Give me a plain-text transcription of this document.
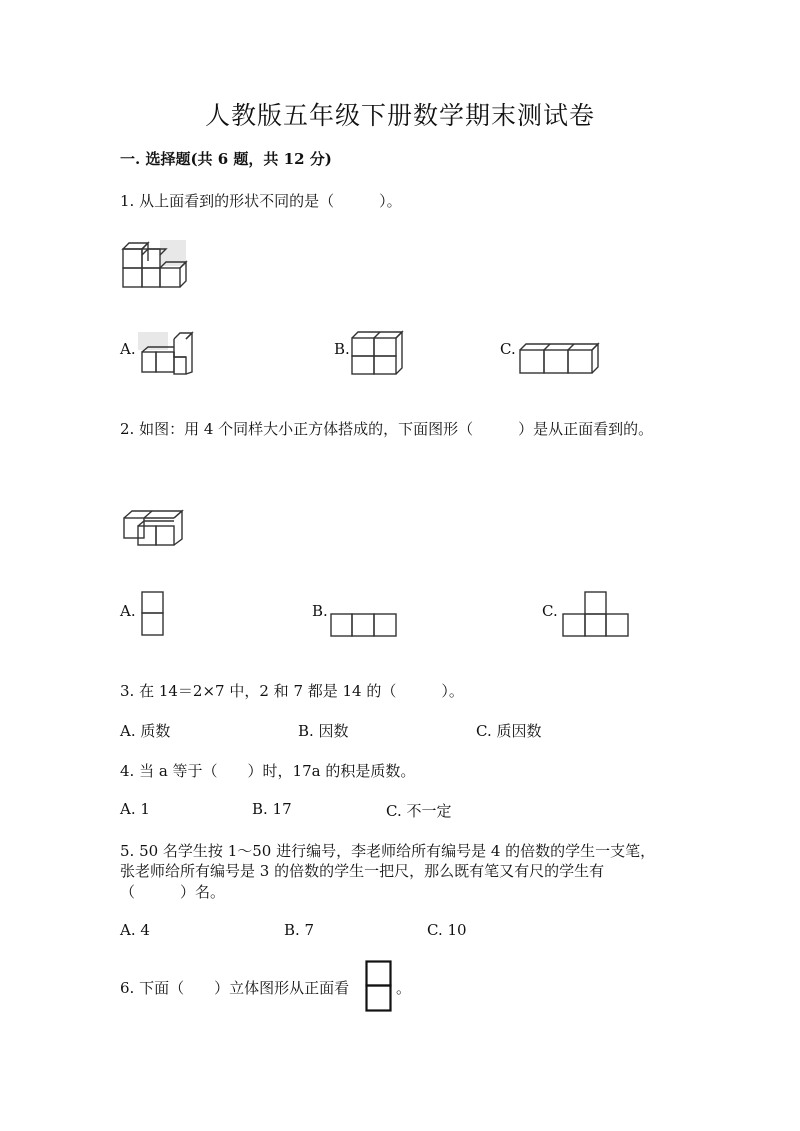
人教版五年级下册数学期末测试卷
一. 选择题(共 6 题，共 12 分)
1. 从上面看到的形状不同的是（　　　）。
A.	B.	C.
2. 如图：用 4 个同样大小正方体搭成的，下面图形（　　　）是从正面看到的。
A.	B.	C.
3. 在 14＝2×7 中，2 和 7 都是 14 的（　　　）。
A. 质数	B. 因数	C. 质因数
4. 当 a 等于（　　）时，17a 的积是质数。
A. 1	B. 17	C. 不一定
5. 50 名学生按 1～50 进行编号，李老师给所有编号是 4 的倍数的学生一支笔，
张老师给所有编号是 3 的倍数的学生一把尺，那么既有笔又有尺的学生有
（　　　）名。
A. 4	B. 7	C. 10
6. 下面（　　）立体图形从正面看	。
